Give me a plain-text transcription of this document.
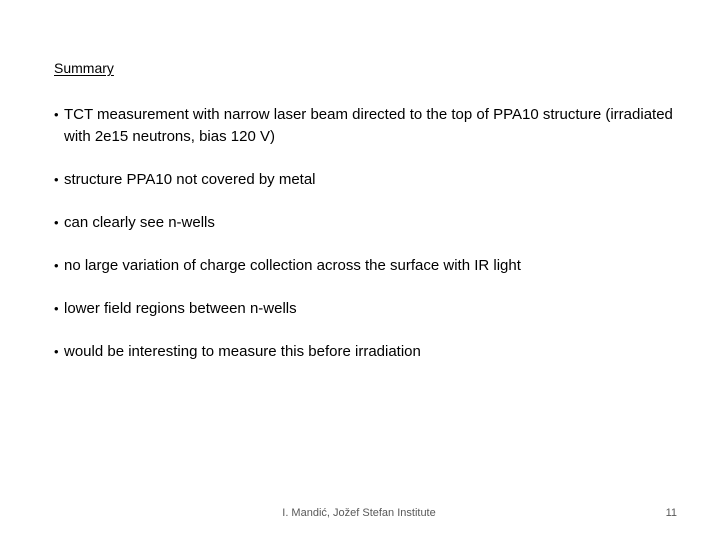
Summary
• TCT measurement with narrow laser beam directed to the top of PPA10 structure (irradiated with 2e15 neutrons, bias 120 V)
• structure PPA10 not covered by metal
• can clearly see n-wells
• no large variation of charge collection across the surface with IR light
• lower field regions between n-wells
• would be interesting to measure this before irradiation
I. Mandić, Jožef Stefan Institute	11
